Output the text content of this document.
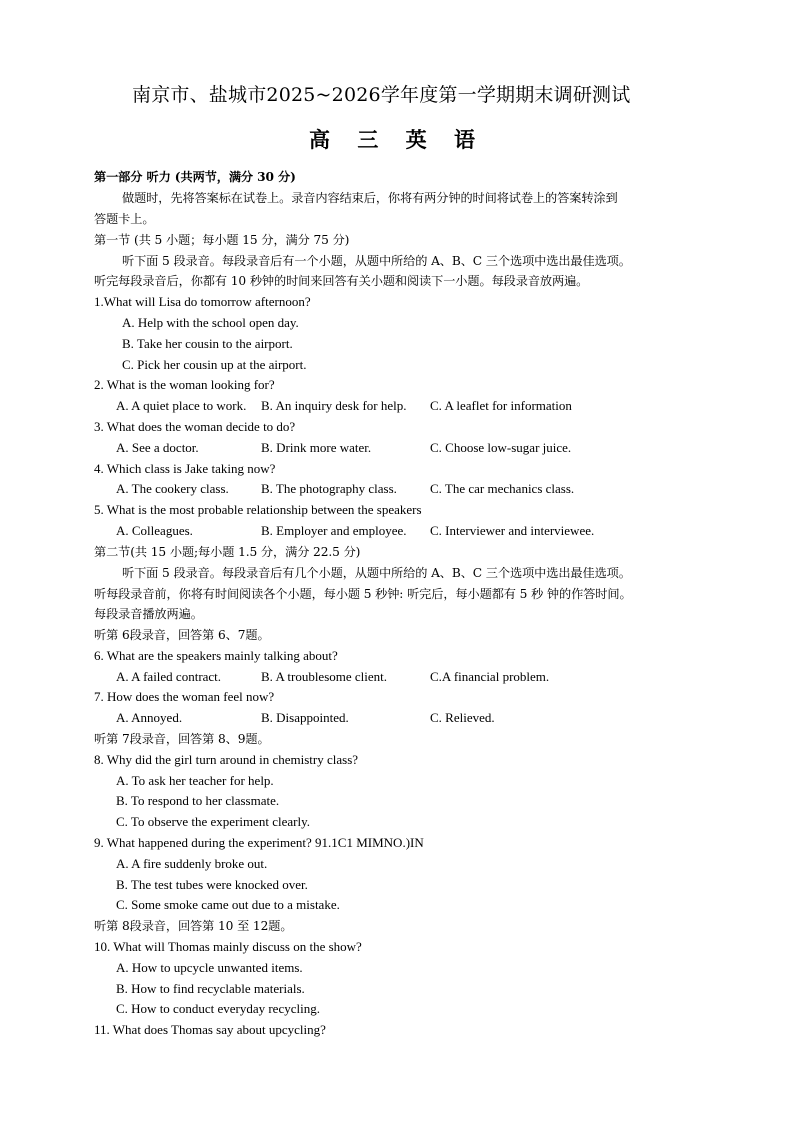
南京市、盐城市2025~2026学年度第一学期期末调研测试
高 三 英 语
第一部分 听力 (共两节，满分 30 分)
做题时，先将答案标在试卷上。录音内容结束后，你将有两分钟的时间将试卷上的答案转涂到
答题卡上。
第一节 (共 5 小题；每小题 15 分，满分 75 分)
听下面 5 段录音。每段录音后有一个小题，从题中所给的 A、B、C 三个选项中选出最佳选项。
听完每段录音后，你都有 10 秒钟的时间来回答有关小题和阅读下一小题。每段录音放两遍。
1.What will Lisa do tomorrow afternoon?
A. Help with the school open day.
B. Take her cousin to the airport.
C. Pick her cousin up at the airport.
2. What is the woman looking for?
A. A quiet place to work. B. An inquiry desk for help. C. A leaflet for information
3. What does the woman decide to do?
A. See a doctor.	B. Drink more water.	C. Choose low-sugar juice.
4. Which class is Jake taking now?
A. The cookery class. B. The photography class.	C. The car mechanics class.
5. What is the most probable relationship between the speakers
A. Colleagues.	B. Employer and employee. C. Interviewer and interviewee.
第二节(共 15 小题;每小题 1.5 分，满分 22.5 分)
听下面 5 段录音。每段录音后有几个小题，从题中所给的 A、B、C 三个选项中选出最佳选项。
听每段录音前，你将有时间阅读各个小题，每小题 5 秒钟: 听完后，每小题都有 5 秒 钟的作答时间。
每段录音播放两遍。
听第 6段录音，回答第 6、7题。
6. What are the speakers mainly talking about?
A. A failed contract.	B. A troublesome client.	C.A financial problem.
7. How does the woman feel now?
A. Annoyed.	B. Disappointed.	C. Relieved.
听第 7段录音，回答第 8、9题。
8. Why did the girl turn around in chemistry class?
A. To ask her teacher for help.
B. To respond to her classmate.
C. To observe the experiment clearly.
9. What happened during the experiment? 91.1C1 MIMNO.)IN
A. A fire suddenly broke out.
B. The test tubes were knocked over.
C. Some smoke came out due to a mistake.
听第 8段录音，回答第 10 至 12题。
10. What will Thomas mainly discuss on the show?
A. How to upcycle unwanted items.
B. How to find recyclable materials.
C. How to conduct everyday recycling.
11. What does Thomas say about upcycling?
